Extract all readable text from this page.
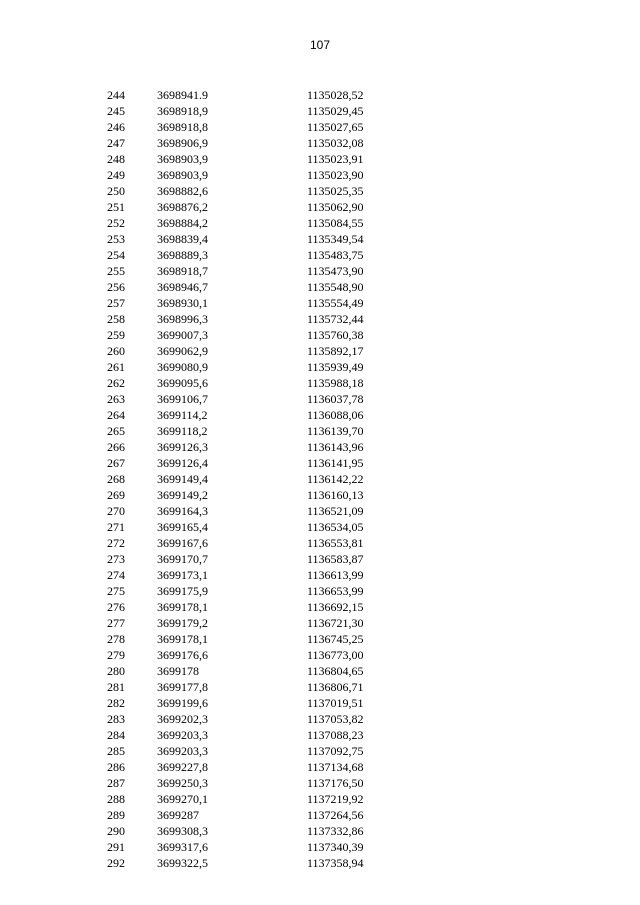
107
244	3698941.9	1135028,52
245	3698918,9	1135029,45
246	3698918,8	1135027,65
247	3698906,9	1135032,08
248	3698903,9	1135023,91
249	3698903,9	1135023,90
250	3698882,6	1135025,35
251	3698876,2	1135062,90
252	3698884,2	1135084,55
253	3698839,4	1135349,54
254	3698889,3	1135483,75
255	3698918,7	1135473,90
256	3698946,7	1135548,90
257	3698930,1	1135554,49
258	3698996,3	1135732,44
259	3699007,3	1135760,38
260	3699062,9	1135892,17
261	3699080,9	1135939,49
262	3699095,6	1135988,18
263	3699106,7	1136037,78
264	3699114,2	1136088,06
265	3699118,2	1136139,70
266	3699126,3	1136143,96
267	3699126,4	1136141,95
268	3699149,4	1136142,22
269	3699149,2	1136160,13
270	3699164,3	1136521,09
271	3699165,4	1136534,05
272	3699167,6	1136553,81
273	3699170,7	1136583,87
274	3699173,1	1136613,99
275	3699175,9	1136653,99
276	3699178,1	1136692,15
277	3699179,2	1136721,30
278	3699178,1	1136745,25
279	3699176,6	1136773,00
280	3699178	1136804,65
281	3699177,8	1136806,71
282	3699199,6	1137019,51
283	3699202,3	1137053,82
284	3699203,3	1137088,23
285	3699203,3	1137092,75
286	3699227,8	1137134,68
287	3699250,3	1137176,50
288	3699270,1	1137219,92
289	3699287	1137264,56
290	3699308,3	1137332,86
291	3699317,6	1137340,39
292	3699322,5	1137358,94
